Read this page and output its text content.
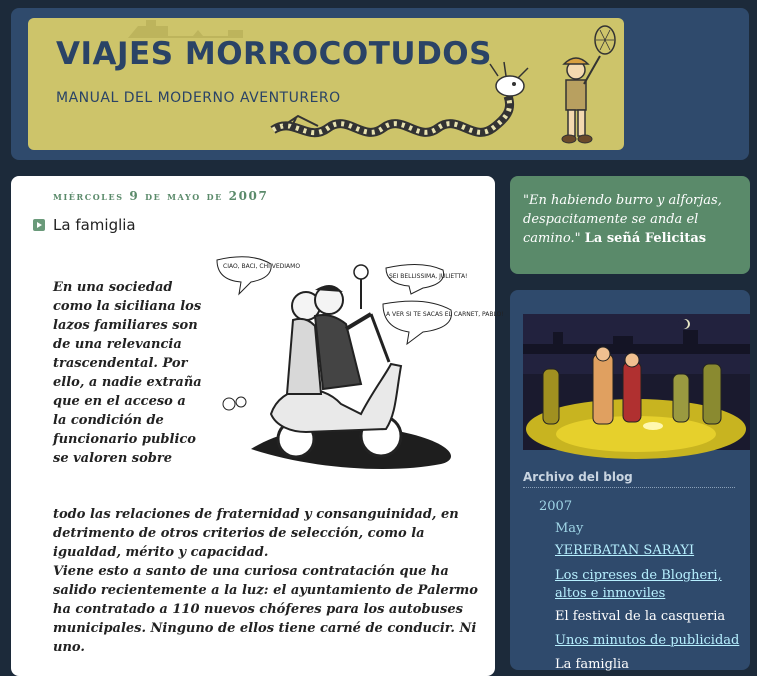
VIAJES MORROCOTUDOS

MANUAL DEL MODERNO AVENTURERO

miércoles 9 de mayo de 2007
La famiglia
CIAO, BACI, CHI VEDIAMO
SEI BELLISSIMA, JULIETTA!
A VER SI TE SACAS EL CARNET, PABLO!

En una sociedad como la siciliana los lazos familiares son de una relevancia trascendental. Por ello, a nadie extraña que en el acceso a la condición de funcionario publico se valoren sobre

todo las relaciones de fraternidad y consanguinidad, en detrimento de otros criterios de selección, como la igualdad, mérito y capacidad.
Viene esto a santo de una curiosa contratación que ha salido recientemente a la luz: el ayuntamiento de Palermo ha contratado a 110 nuevos chóferes para los autobuses municipales. Ninguno de ellos tiene carné de conducir. Ni uno.

"En habiendo burro y alforjas, despacitamente se anda el camino." La señá Felicitas

Archivo del blog
2007
May
YEREBATAN SARAYI
Los cipreses de Blogheri, altos e inmoviles
El festival de la casqueria
Unos minutos de publicidad
La famiglia
